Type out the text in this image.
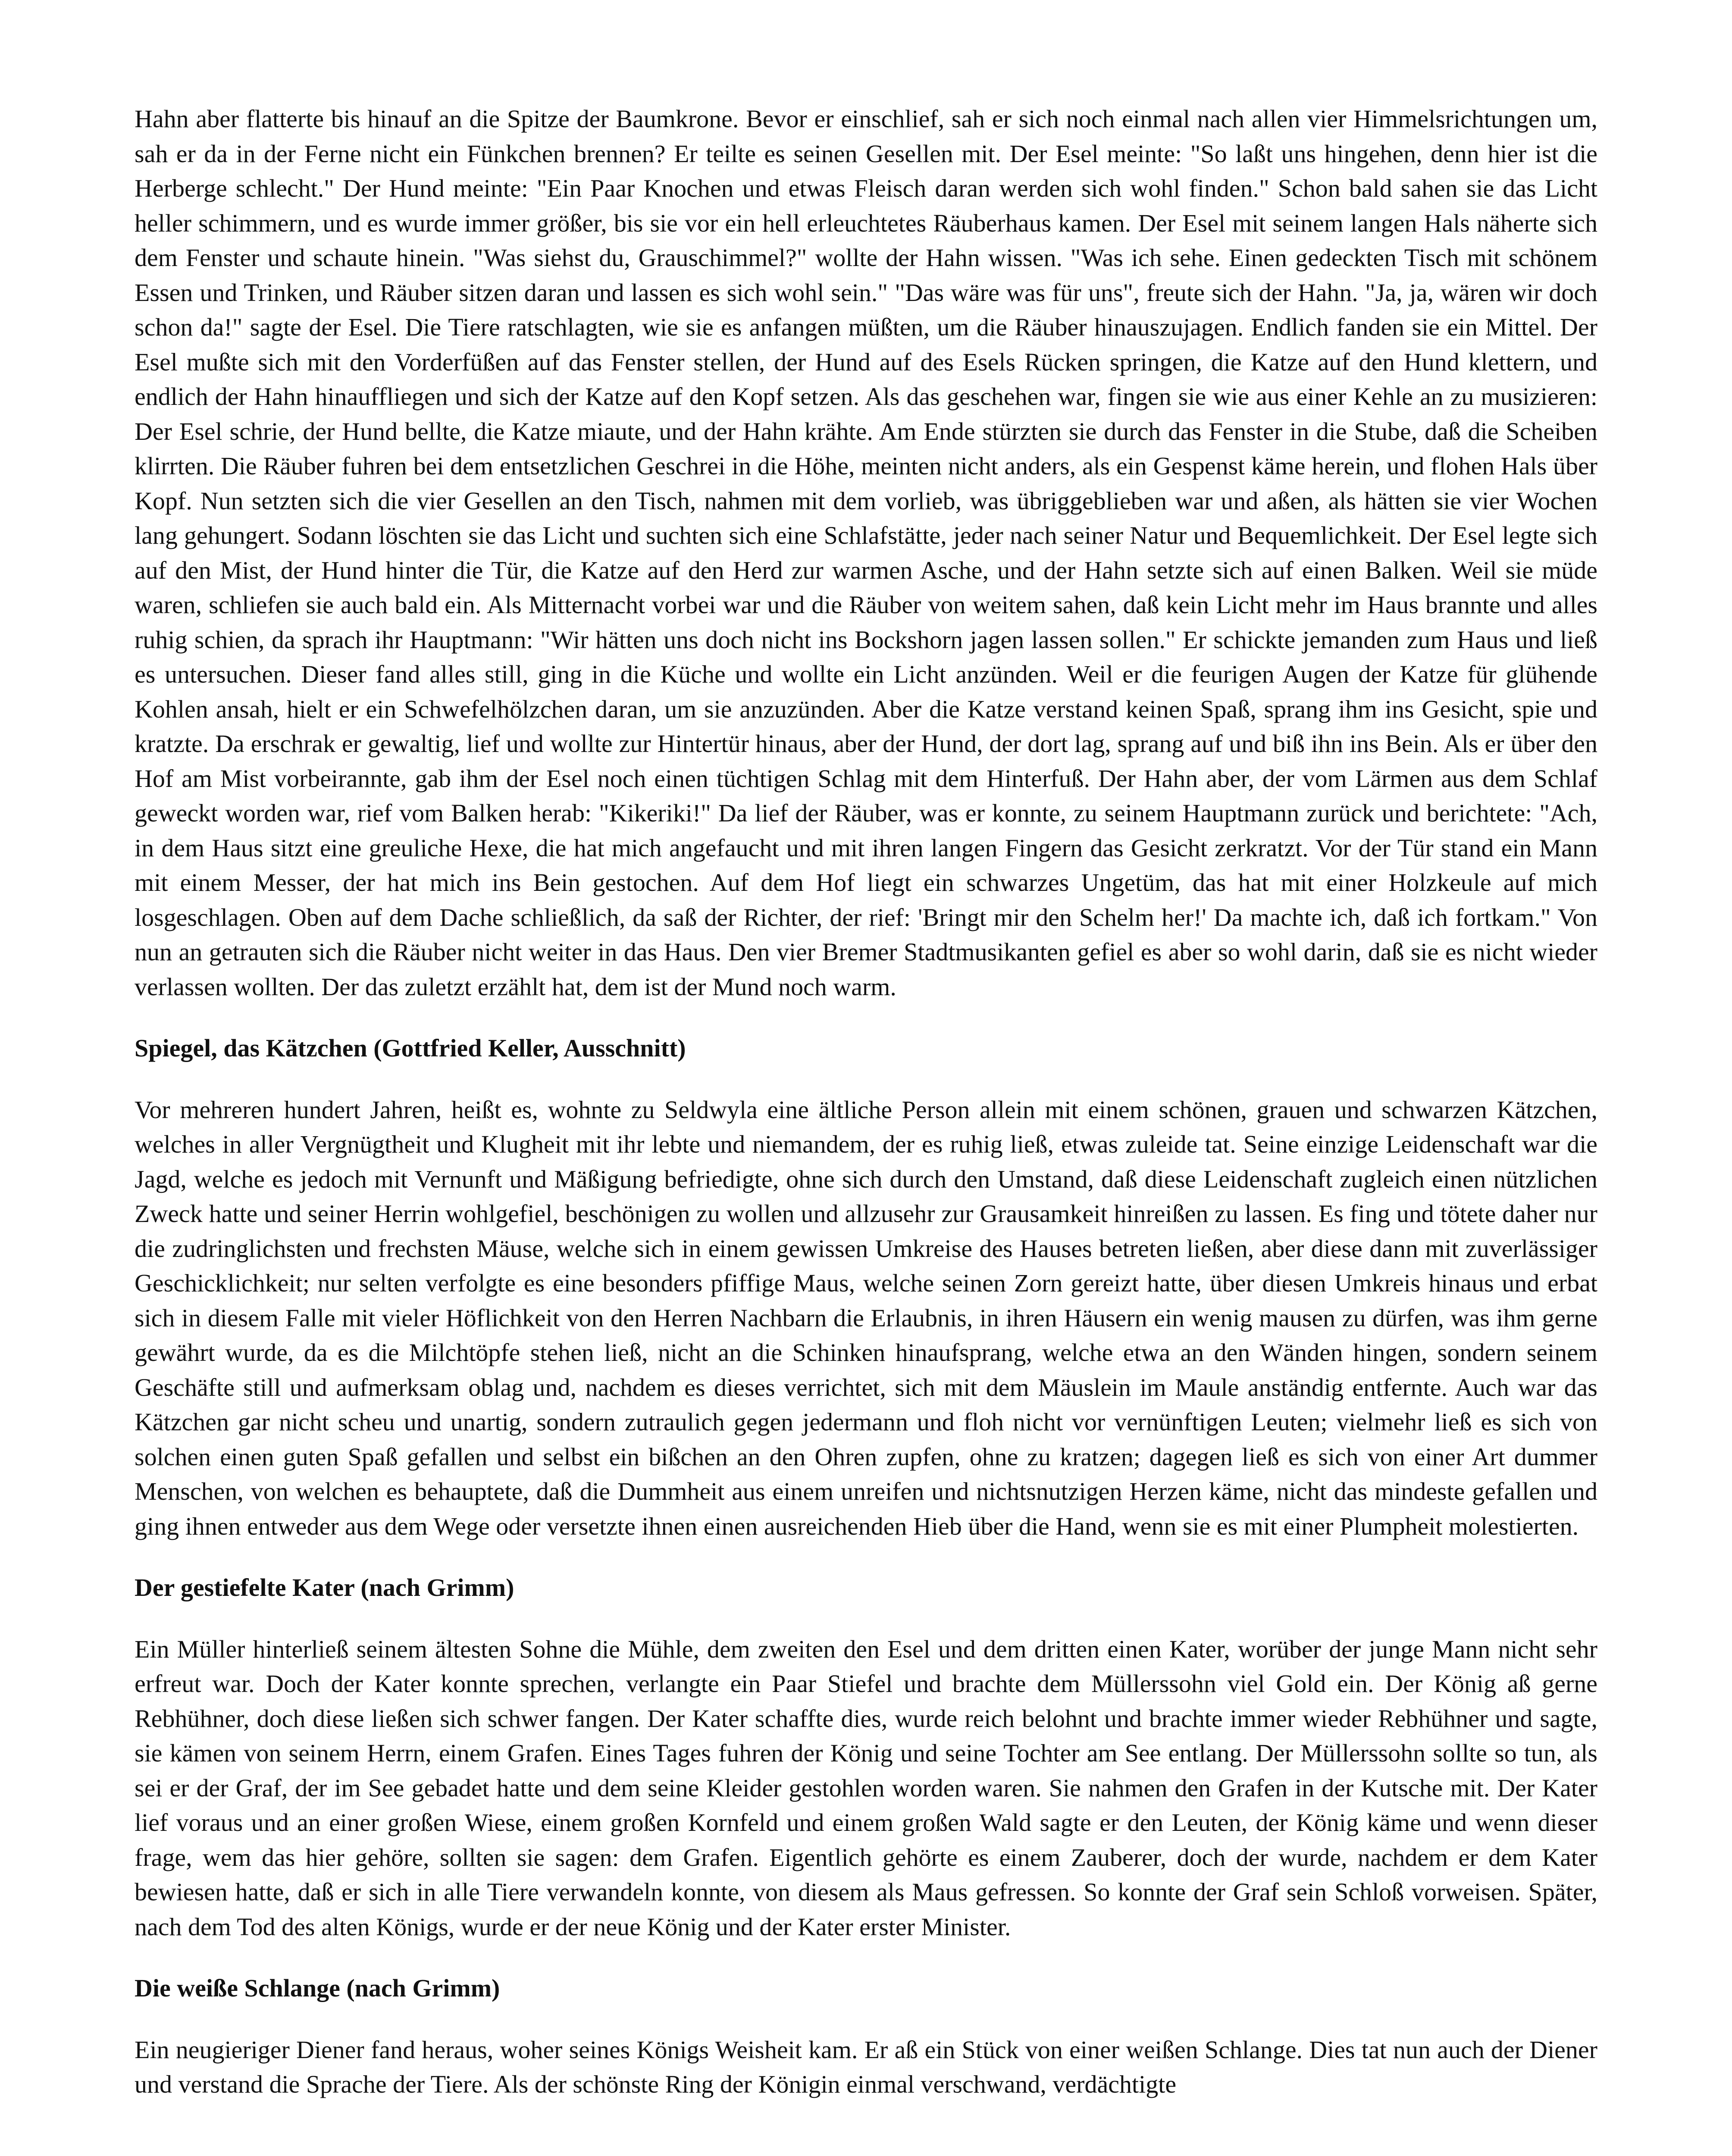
Hahn aber flatterte bis hinauf an die Spitze der Baumkrone. Bevor er einschlief, sah er sich noch einmal nach allen vier Himmelsrichtungen um, sah er da in der Ferne nicht ein Fünkchen brennen? Er teilte es seinen Gesellen mit. Der Esel meinte: "So laßt uns hingehen, denn hier ist die Herberge schlecht." Der Hund meinte: "Ein Paar Knochen und etwas Fleisch daran werden sich wohl finden." Schon bald sahen sie das Licht heller schimmern, und es wurde immer größer, bis sie vor ein hell erleuchtetes Räuberhaus kamen. Der Esel mit seinem langen Hals näherte sich dem Fenster und schaute hinein. "Was siehst du, Grauschimmel?" wollte der Hahn wissen. "Was ich sehe. Einen gedeckten Tisch mit schönem Essen und Trinken, und Räuber sitzen daran und lassen es sich wohl sein." "Das wäre was für uns", freute sich der Hahn. "Ja, ja, wären wir doch schon da!" sagte der Esel. Die Tiere ratschlagten, wie sie es anfangen müßten, um die Räuber hinauszujagen. Endlich fanden sie ein Mittel. Der Esel mußte sich mit den Vorderfüßen auf das Fenster stellen, der Hund auf des Esels Rücken springen, die Katze auf den Hund klettern, und endlich der Hahn hinauffliegen und sich der Katze auf den Kopf setzen. Als das geschehen war, fingen sie wie aus einer Kehle an zu musizieren: Der Esel schrie, der Hund bellte, die Katze miaute, und der Hahn krähte. Am Ende stürzten sie durch das Fenster in die Stube, daß die Scheiben klirrten. Die Räuber fuhren bei dem entsetzlichen Geschrei in die Höhe, meinten nicht anders, als ein Gespenst käme herein, und flohen Hals über Kopf. Nun setzten sich die vier Gesellen an den Tisch, nahmen mit dem vorlieb, was übriggeblieben war und aßen, als hätten sie vier Wochen lang gehungert. Sodann löschten sie das Licht und suchten sich eine Schlafstätte, jeder nach seiner Natur und Bequemlichkeit. Der Esel legte sich auf den Mist, der Hund hinter die Tür, die Katze auf den Herd zur warmen Asche, und der Hahn setzte sich auf einen Balken. Weil sie müde waren, schliefen sie auch bald ein. Als Mitternacht vorbei war und die Räuber von weitem sahen, daß kein Licht mehr im Haus brannte und alles ruhig schien, da sprach ihr Hauptmann: "Wir hätten uns doch nicht ins Bockshorn jagen lassen sollen." Er schickte jemanden zum Haus und ließ es untersuchen. Dieser fand alles still, ging in die Küche und wollte ein Licht anzünden. Weil er die feurigen Augen der Katze für glühende Kohlen ansah, hielt er ein Schwefelhölzchen daran, um sie anzuzünden. Aber die Katze verstand keinen Spaß, sprang ihm ins Gesicht, spie und kratzte. Da erschrak er gewaltig, lief und wollte zur Hintertür hinaus, aber der Hund, der dort lag, sprang auf und biß ihn ins Bein. Als er über den Hof am Mist vorbeirannte, gab ihm der Esel noch einen tüchtigen Schlag mit dem Hinterfuß. Der Hahn aber, der vom Lärmen aus dem Schlaf geweckt worden war, rief vom Balken herab: "Kikeriki!" Da lief der Räuber, was er konnte, zu seinem Hauptmann zurück und berichtete: "Ach, in dem Haus sitzt eine greuliche Hexe, die hat mich angefaucht und mit ihren langen Fingern das Gesicht zerkratzt. Vor der Tür stand ein Mann mit einem Messer, der hat mich ins Bein gestochen. Auf dem Hof liegt ein schwarzes Ungetüm, das hat mit einer Holzkeule auf mich losgeschlagen. Oben auf dem Dache schließlich, da saß der Richter, der rief: 'Bringt mir den Schelm her!' Da machte ich, daß ich fortkam." Von nun an getrauten sich die Räuber nicht weiter in das Haus. Den vier Bremer Stadtmusikanten gefiel es aber so wohl darin, daß sie es nicht wieder verlassen wollten. Der das zuletzt erzählt hat, dem ist der Mund noch warm.

Spiegel, das Kätzchen (Gottfried Keller, Ausschnitt)

Vor mehreren hundert Jahren, heißt es, wohnte zu Seldwyla eine ältliche Person allein mit einem schönen, grauen und schwarzen Kätzchen, welches in aller Vergnügtheit und Klugheit mit ihr lebte und niemandem, der es ruhig ließ, etwas zuleide tat. Seine einzige Leidenschaft war die Jagd, welche es jedoch mit Vernunft und Mäßigung befriedigte, ohne sich durch den Umstand, daß diese Leidenschaft zugleich einen nützlichen Zweck hatte und seiner Herrin wohlgefiel, beschönigen zu wollen und allzusehr zur Grausamkeit hinreißen zu lassen. Es fing und tötete daher nur die zudringlichsten und frechsten Mäuse, welche sich in einem gewissen Umkreise des Hauses betreten ließen, aber diese dann mit zuverlässiger Geschicklichkeit; nur selten verfolgte es eine besonders pfiffige Maus, welche seinen Zorn gereizt hatte, über diesen Umkreis hinaus und erbat sich in diesem Falle mit vieler Höflichkeit von den Herren Nachbarn die Erlaubnis, in ihren Häusern ein wenig mausen zu dürfen, was ihm gerne gewährt wurde, da es die Milchtöpfe stehen ließ, nicht an die Schinken hinaufsprang, welche etwa an den Wänden hingen, sondern seinem Geschäfte still und aufmerksam oblag und, nachdem es dieses verrichtet, sich mit dem Mäuslein im Maule anständig entfernte. Auch war das Kätzchen gar nicht scheu und unartig, sondern zutraulich gegen jedermann und floh nicht vor vernünftigen Leuten; vielmehr ließ es sich von solchen einen guten Spaß gefallen und selbst ein bißchen an den Ohren zupfen, ohne zu kratzen; dagegen ließ es sich von einer Art dummer Menschen, von welchen es behauptete, daß die Dummheit aus einem unreifen und nichtsnutzigen Herzen käme, nicht das mindeste gefallen und ging ihnen entweder aus dem Wege oder versetzte ihnen einen ausreichenden Hieb über die Hand, wenn sie es mit einer Plumpheit molestierten.

Der gestiefelte Kater (nach Grimm)

Ein Müller hinterließ seinem ältesten Sohne die Mühle, dem zweiten den Esel und dem dritten einen Kater, worüber der junge Mann nicht sehr erfreut war. Doch der Kater konnte sprechen, verlangte ein Paar Stiefel und brachte dem Müllerssohn viel Gold ein. Der König aß gerne Rebhühner, doch diese ließen sich schwer fangen. Der Kater schaffte dies, wurde reich belohnt und brachte immer wieder Rebhühner und sagte, sie kämen von seinem Herrn, einem Grafen. Eines Tages fuhren der König und seine Tochter am See entlang. Der Müllerssohn sollte so tun, als sei er der Graf, der im See gebadet hatte und dem seine Kleider gestohlen worden waren. Sie nahmen den Grafen in der Kutsche mit. Der Kater lief voraus und an einer großen Wiese, einem großen Kornfeld und einem großen Wald sagte er den Leuten, der König käme und wenn dieser frage, wem das hier gehöre, sollten sie sagen: dem Grafen. Eigentlich gehörte es einem Zauberer, doch der wurde, nachdem er dem Kater bewiesen hatte, daß er sich in alle Tiere verwandeln konnte, von diesem als Maus gefressen. So konnte der Graf sein Schloß vorweisen. Später, nach dem Tod des alten Königs, wurde er der neue König und der Kater erster Minister.

Die weiße Schlange (nach Grimm)

Ein neugieriger Diener fand heraus, woher seines Königs Weisheit kam. Er aß ein Stück von einer weißen Schlange. Dies tat nun auch der Diener und verstand die Sprache der Tiere. Als der schönste Ring der Königin einmal verschwand, verdächtigte
